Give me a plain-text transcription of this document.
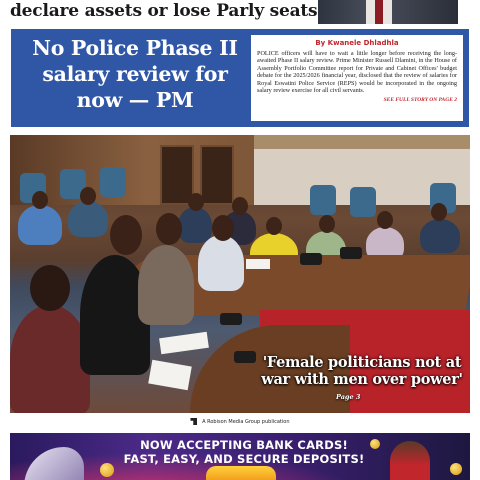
declare assets or lose Parly seats
No Police Phase II salary review for now — PM
By Kwanele Dhladhla

POLICE officers will have to wait a little longer before receiving the long-awaited Phase II salary review. Prime Minister Russell Dlamini, in the House of Assembly Portfolio Committee report for Private and Cabinet Offices' budget debate for the 2025/2026 financial year, disclosed that the review of salaries for Royal Eswatini Police Service (REPS) would be incorporated in the ongoing salary review exercise for all civil servants.

SEE FULL STORY ON PAGE 2
'Female politicians not at war with men over power'
Page 3
A Robison Media Group publication
NOW ACCEPTING BANK CARDS!
FAST, EASY, AND SECURE DEPOSITS!
